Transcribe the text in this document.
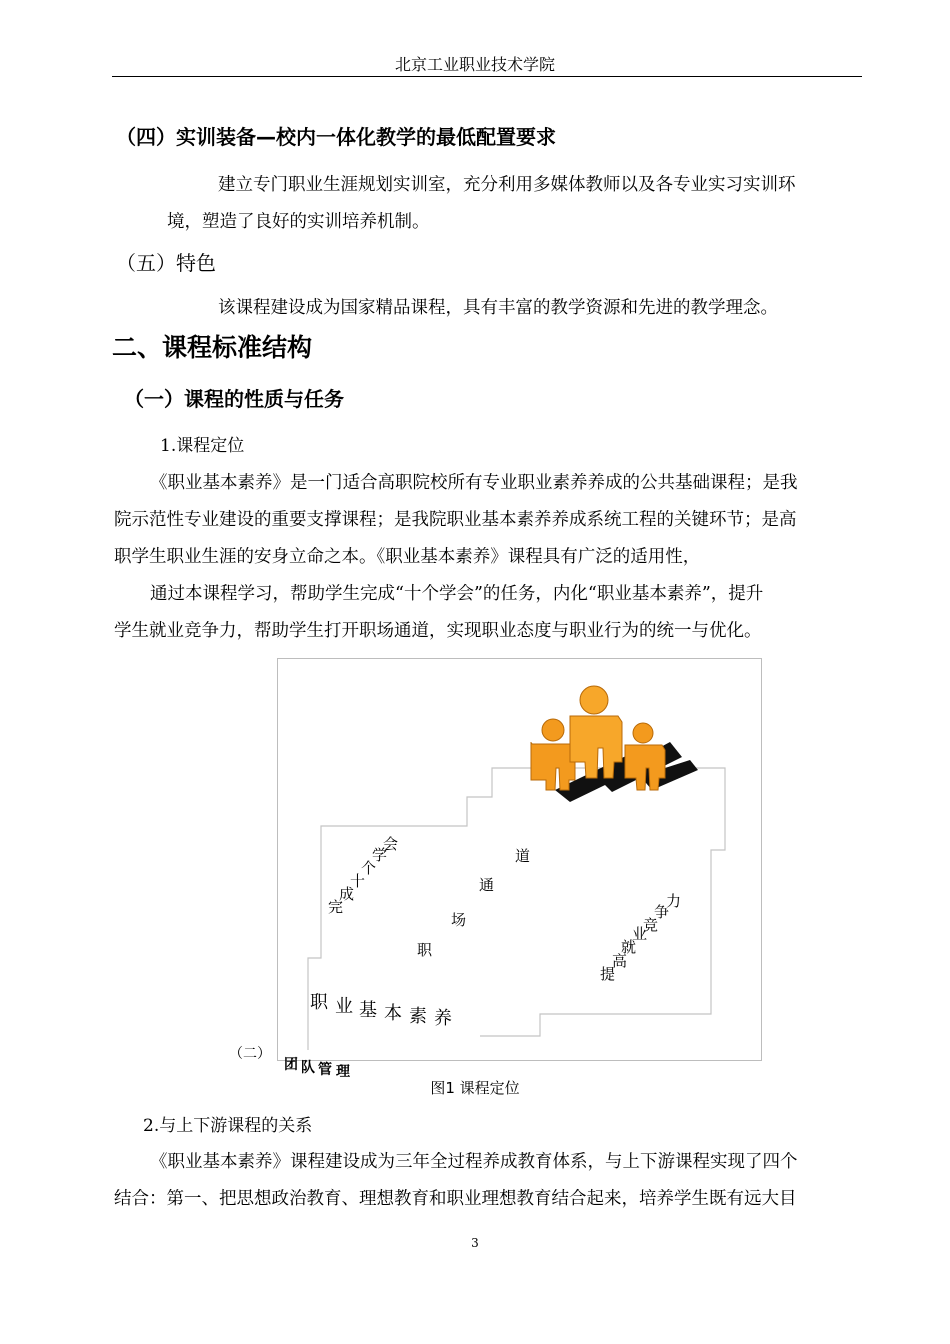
北京工业职业技术学院
（四）实训装备—校内一体化教学的最低配置要求
建立专门职业生涯规划实训室，充分利用多媒体教师以及各专业实习实训环
境，塑造了良好的实训培养机制。
（五）特色
该课程建设成为国家精品课程，具有丰富的教学资源和先进的教学理念。
二、课程标准结构
（一）课程的性质与任务
1.课程定位
《职业基本素养》是一门适合高职院校所有专业职业素养养成的公共基础课程；是我
院示范性专业建设的重要支撑课程；是我院职业基本素养养成系统工程的关键环节；是高
职学生职业生涯的安身立命之本。《职业基本素养》课程具有广泛的适用性，
通过本课程学习，帮助学生完成“十个学会”的任务，内化“职业基本素养”，提升
学生就业竞争力，帮助学生打开职场通道，实现职业态度与职业行为的统一与优化。
完
成
十
个
学
会
职
场
通
道
提
高
就
业
竞
争
力
职 业 基 本 素 养
（二）
团 队 管 理
图1 课程定位
2.与上下游课程的关系
《职业基本素养》课程建设成为三年全过程养成教育体系，与上下游课程实现了四个
结合：第一、把思想政治教育、理想教育和职业理想教育结合起来，培养学生既有远大目
3
